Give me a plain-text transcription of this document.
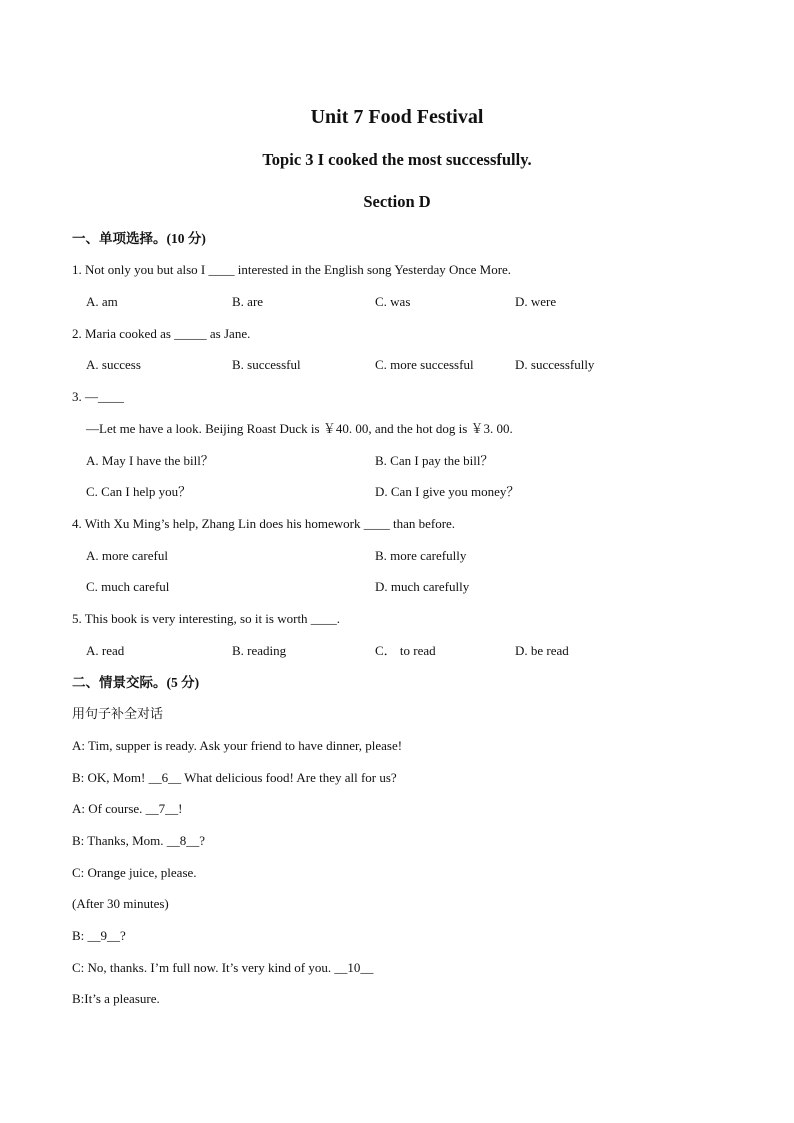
Unit 7 Food Festival
Topic 3 I cooked the most successfully.
Section D
一、单项选择。(10 分)
1. Not only you but also I ____ interested in the English song Yesterday Once More.
A. am	B. are	C. was	D. were
2. Maria cooked as _____ as Jane.
A. success	B. successful	C. more successful	D. successfully
3. —____
—Let me have a look. Beijing Roast Duck is ￥40. 00, and the hot dog is ￥3. 00.
A. May I have the bill？	B. Can I pay the bill？
C. Can I help you？	D. Can I give you money？
4. With Xu Ming’s help, Zhang Lin does his homework ____ than before.
A. more careful	B. more carefully
C. much careful	D. much carefully
5. This book is very interesting, so it is worth ____.
A. read	B. reading	C． to read	D. be read
二、情景交际。(5 分)
用句子补全对话
A: Tim, supper is ready. Ask your friend to have dinner, please!
B: OK, Mom! __6__ What delicious food! Are they all for us?
A: Of course. __7__!
B: Thanks, Mom. __8__?
C: Orange juice, please.
(After 30 minutes)
B: __9__?
C: No, thanks. I’m full now. It’s very kind of you. __10__
B:It’s a pleasure.
